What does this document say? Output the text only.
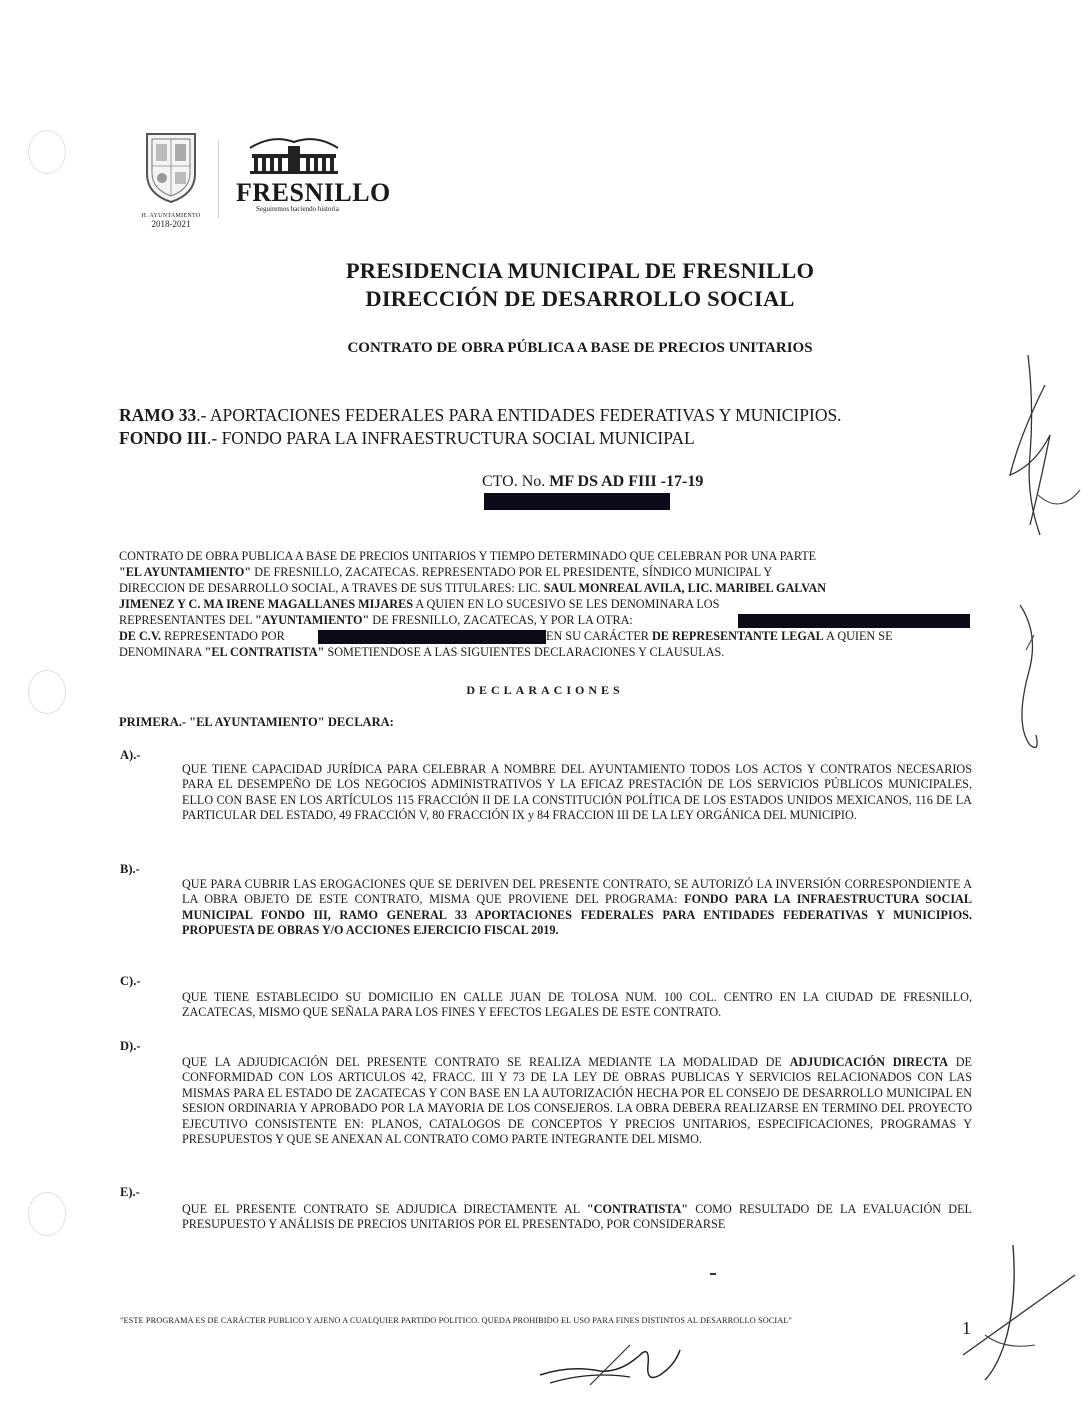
H. AYUNTAMIENTO
2018-2021
FRESNILLO
Seguiremos haciendo historia
PRESIDENCIA MUNICIPAL DE FRESNILLO
DIRECCIÓN DE DESARROLLO SOCIAL
CONTRATO DE OBRA PÚBLICA A BASE DE PRECIOS UNITARIOS
RAMO 33.- APORTACIONES FEDERALES PARA ENTIDADES FEDERATIVAS Y MUNICIPIOS.
FONDO III.- FONDO PARA LA INFRAESTRUCTURA SOCIAL MUNICIPAL
CTO. No. MF DS AD FIII -17-19
CONTRATO DE OBRA PUBLICA A BASE DE PRECIOS UNITARIOS Y TIEMPO DETERMINADO QUE CELEBRAN POR UNA PARTE
"EL AYUNTAMIENTO" DE FRESNILLO, ZACATECAS. REPRESENTADO POR EL PRESIDENTE, SÍNDICO MUNICIPAL Y
DIRECCION DE DESARROLLO SOCIAL, A TRAVES DE SUS TITULARES: LIC. SAUL MONREAL AVILA, LIC. MARIBEL GALVAN
JIMENEZ Y C. MA IRENE MAGALLANES MIJARES A QUIEN EN LO SUCESIVO SE LES DENOMINARA LOS
REPRESENTANTES DEL "AYUNTAMIENTO" DE FRESNILLO, ZACATECAS, Y POR LA OTRA:
DE C.V. REPRESENTADO POR	EN SU CARÁCTER DE REPRESENTANTE LEGAL A QUIEN SE
DENOMINARA "EL CONTRATISTA" SOMETIENDOSE A LAS SIGUIENTES DECLARACIONES Y CLAUSULAS.
DECLARACIONES
PRIMERA.- "EL AYUNTAMIENTO" DECLARA:
A).-
QUE TIENE CAPACIDAD JURÍDICA PARA CELEBRAR A NOMBRE DEL AYUNTAMIENTO TODOS LOS ACTOS Y CONTRATOS NECESARIOS PARA EL DESEMPEÑO DE LOS NEGOCIOS ADMINISTRATIVOS Y LA EFICAZ PRESTACIÓN DE LOS SERVICIOS PÚBLICOS MUNICIPALES, ELLO CON BASE EN LOS ARTÍCULOS 115 FRACCIÓN II DE LA CONSTITUCIÓN POLÍTICA DE LOS ESTADOS UNIDOS MEXICANOS, 116 DE LA PARTICULAR DEL ESTADO, 49 FRACCIÓN V, 80 FRACCIÓN IX y 84 FRACCION III DE LA LEY ORGÁNICA DEL MUNICIPIO.
B).-
QUE PARA CUBRIR LAS EROGACIONES QUE SE DERIVEN DEL PRESENTE CONTRATO, SE AUTORIZÓ LA INVERSIÓN CORRESPONDIENTE A LA OBRA OBJETO DE ESTE CONTRATO, MISMA QUE PROVIENE DEL PROGRAMA: FONDO PARA LA INFRAESTRUCTURA SOCIAL MUNICIPAL FONDO III, RAMO GENERAL 33 APORTACIONES FEDERALES PARA ENTIDADES FEDERATIVAS Y MUNICIPIOS. PROPUESTA DE OBRAS Y/O ACCIONES EJERCICIO FISCAL 2019.
C).-
QUE TIENE ESTABLECIDO SU DOMICILIO EN CALLE JUAN DE TOLOSA NUM. 100 COL. CENTRO EN LA CIUDAD DE FRESNILLO, ZACATECAS, MISMO QUE SEÑALA PARA LOS FINES Y EFECTOS LEGALES DE ESTE CONTRATO.
D).-
QUE LA ADJUDICACIÓN DEL PRESENTE CONTRATO SE REALIZA MEDIANTE LA MODALIDAD DE ADJUDICACIÓN DIRECTA DE CONFORMIDAD CON LOS ARTICULOS 42, FRACC. III Y 73 DE LA LEY DE OBRAS PUBLICAS Y SERVICIOS RELACIONADOS CON LAS MISMAS PARA EL ESTADO DE ZACATECAS Y CON BASE EN LA AUTORIZACIÓN HECHA POR EL CONSEJO DE DESARROLLO MUNICIPAL EN SESION ORDINARIA Y APROBADO POR LA MAYORIA DE LOS CONSEJEROS. LA OBRA DEBERA REALIZARSE EN TERMINO DEL PROYECTO EJECUTIVO CONSISTENTE EN: PLANOS, CATALOGOS DE CONCEPTOS Y PRECIOS UNITARIOS, ESPECIFICACIONES, PROGRAMAS Y PRESUPUESTOS Y QUE SE ANEXAN AL CONTRATO COMO PARTE INTEGRANTE DEL MISMO.
E).-
QUE EL PRESENTE CONTRATO SE ADJUDICA DIRECTAMENTE AL "CONTRATISTA" COMO RESULTADO DE LA EVALUACIÓN DEL PRESUPUESTO Y ANÁLISIS DE PRECIOS UNITARIOS POR EL PRESENTADO, POR CONSIDERARSE
"ESTE PROGRAMA ES DE CARÁCTER PUBLICO Y AJENO A CUALQUIER PARTIDO POLITICO. QUEDA PROHIBIDO EL USO PARA FINES DISTINTOS AL DESARROLLO SOCIAL"	1
